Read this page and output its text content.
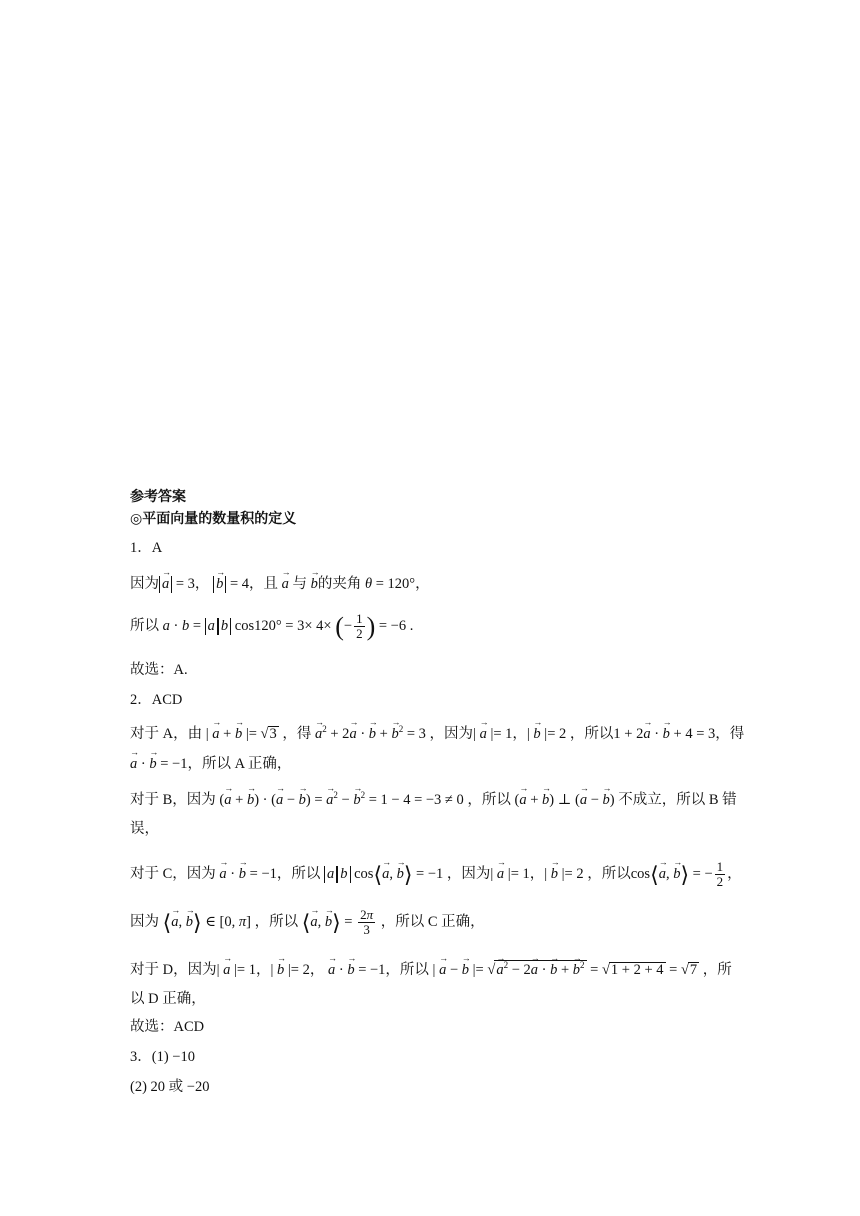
参考答案
◎平面向量的数量积的定义
1．A
因为 → a = 3， → b = 4，且 → a 与 → b的夹角 θ = 120°，
所以 a · b = a b cos120° = 3× 4× (− $\frac{1}{2}$ ) = −6 .
故选：A.
2．ACD
对于 A，由 | → a + → b |= √3 ，得 → $a^2 + 2\to a$ · → b + → $b^2 = 3$ ，因为| → a |= 1，| → b |= 2 ，所以1 + 2→ a · → b + 4 = 3，得
→ a · → b = −1，所以 A 正确，
对于 B，因为 (→ a + → b) · (→ a − → b) = → $a^2$ − → $b^2 = 1 - 4 = -3 \ne 0$ ，所以 (→ a + → b) ⊥ (→ a − → b) 不成立，所以 B 错
误，
对于 C，因为 → a · → b = −1，所以 a b cos⟨→ a, → b⟩ = −1 ，因为| → a |= 1，| → b |= 2 ，所以cos⟨→ a, → b⟩ = − $\frac{1}{2}$ ，
因为 ⟨→ a, → b⟩ ∈ [0, π] ，所以 ⟨→ a, → b⟩ = $\frac{2\pi}{3}$ ，所以 C 正确，
对于 D，因为| → a |= 1，| → b |= 2， → a · → b = −1，所以 | → a − → b |= √→ $a^2 - 2\to a$ · → b + → $b^2 = √1 + 2 + 4 = √7$ ，所
以 D 正确，
故选：ACD
3．(1) −10
(2) 20 或 −20
